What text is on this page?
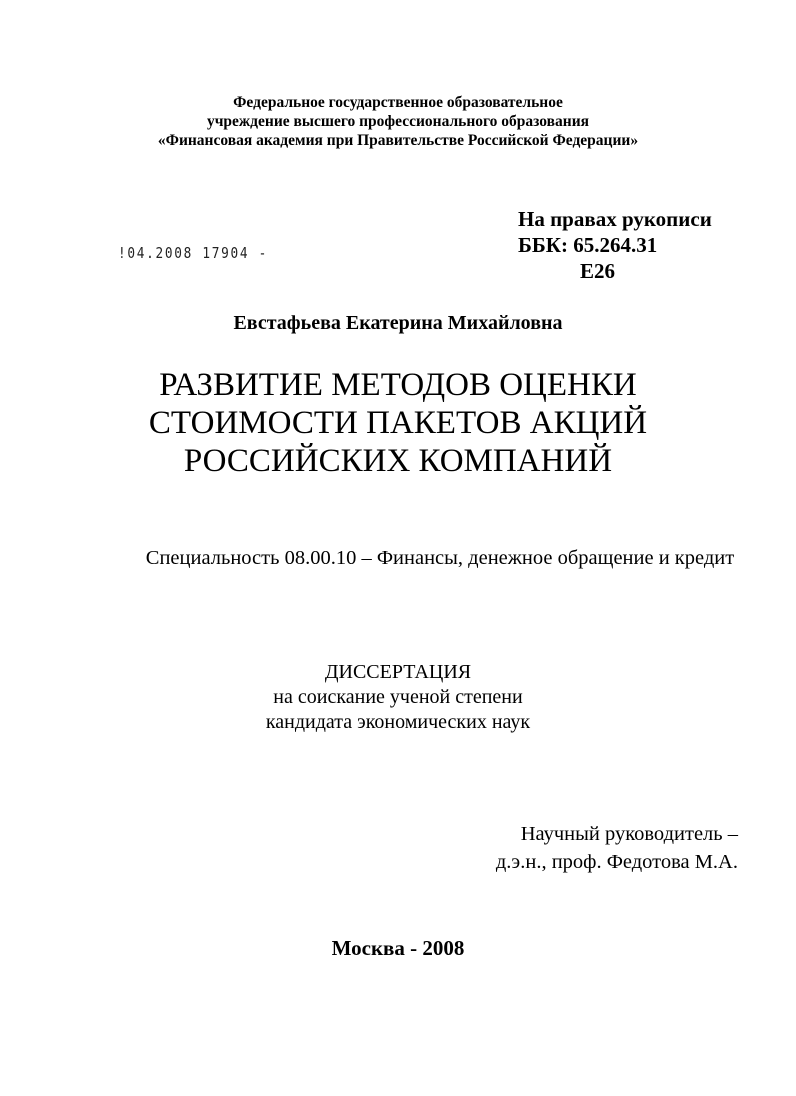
Федеральное государственное образовательное
учреждение высшего профессионального образования
«Финансовая академия при Правительстве Российской Федерации»
На правах рукописи
ББК: 65.264.31
Е26
!04.2008 17904 -
Евстафьева Екатерина Михайловна
РАЗВИТИЕ МЕТОДОВ ОЦЕНКИ
СТОИМОСТИ ПАКЕТОВ АКЦИЙ
РОССИЙСКИХ КОМПАНИЙ
Специальность 08.00.10 – Финансы, денежное обращение и кредит
ДИССЕРТАЦИЯ
на соискание ученой степени
кандидата экономических наук
Научный руководитель –
д.э.н., проф. Федотова М.А.
Москва - 2008
